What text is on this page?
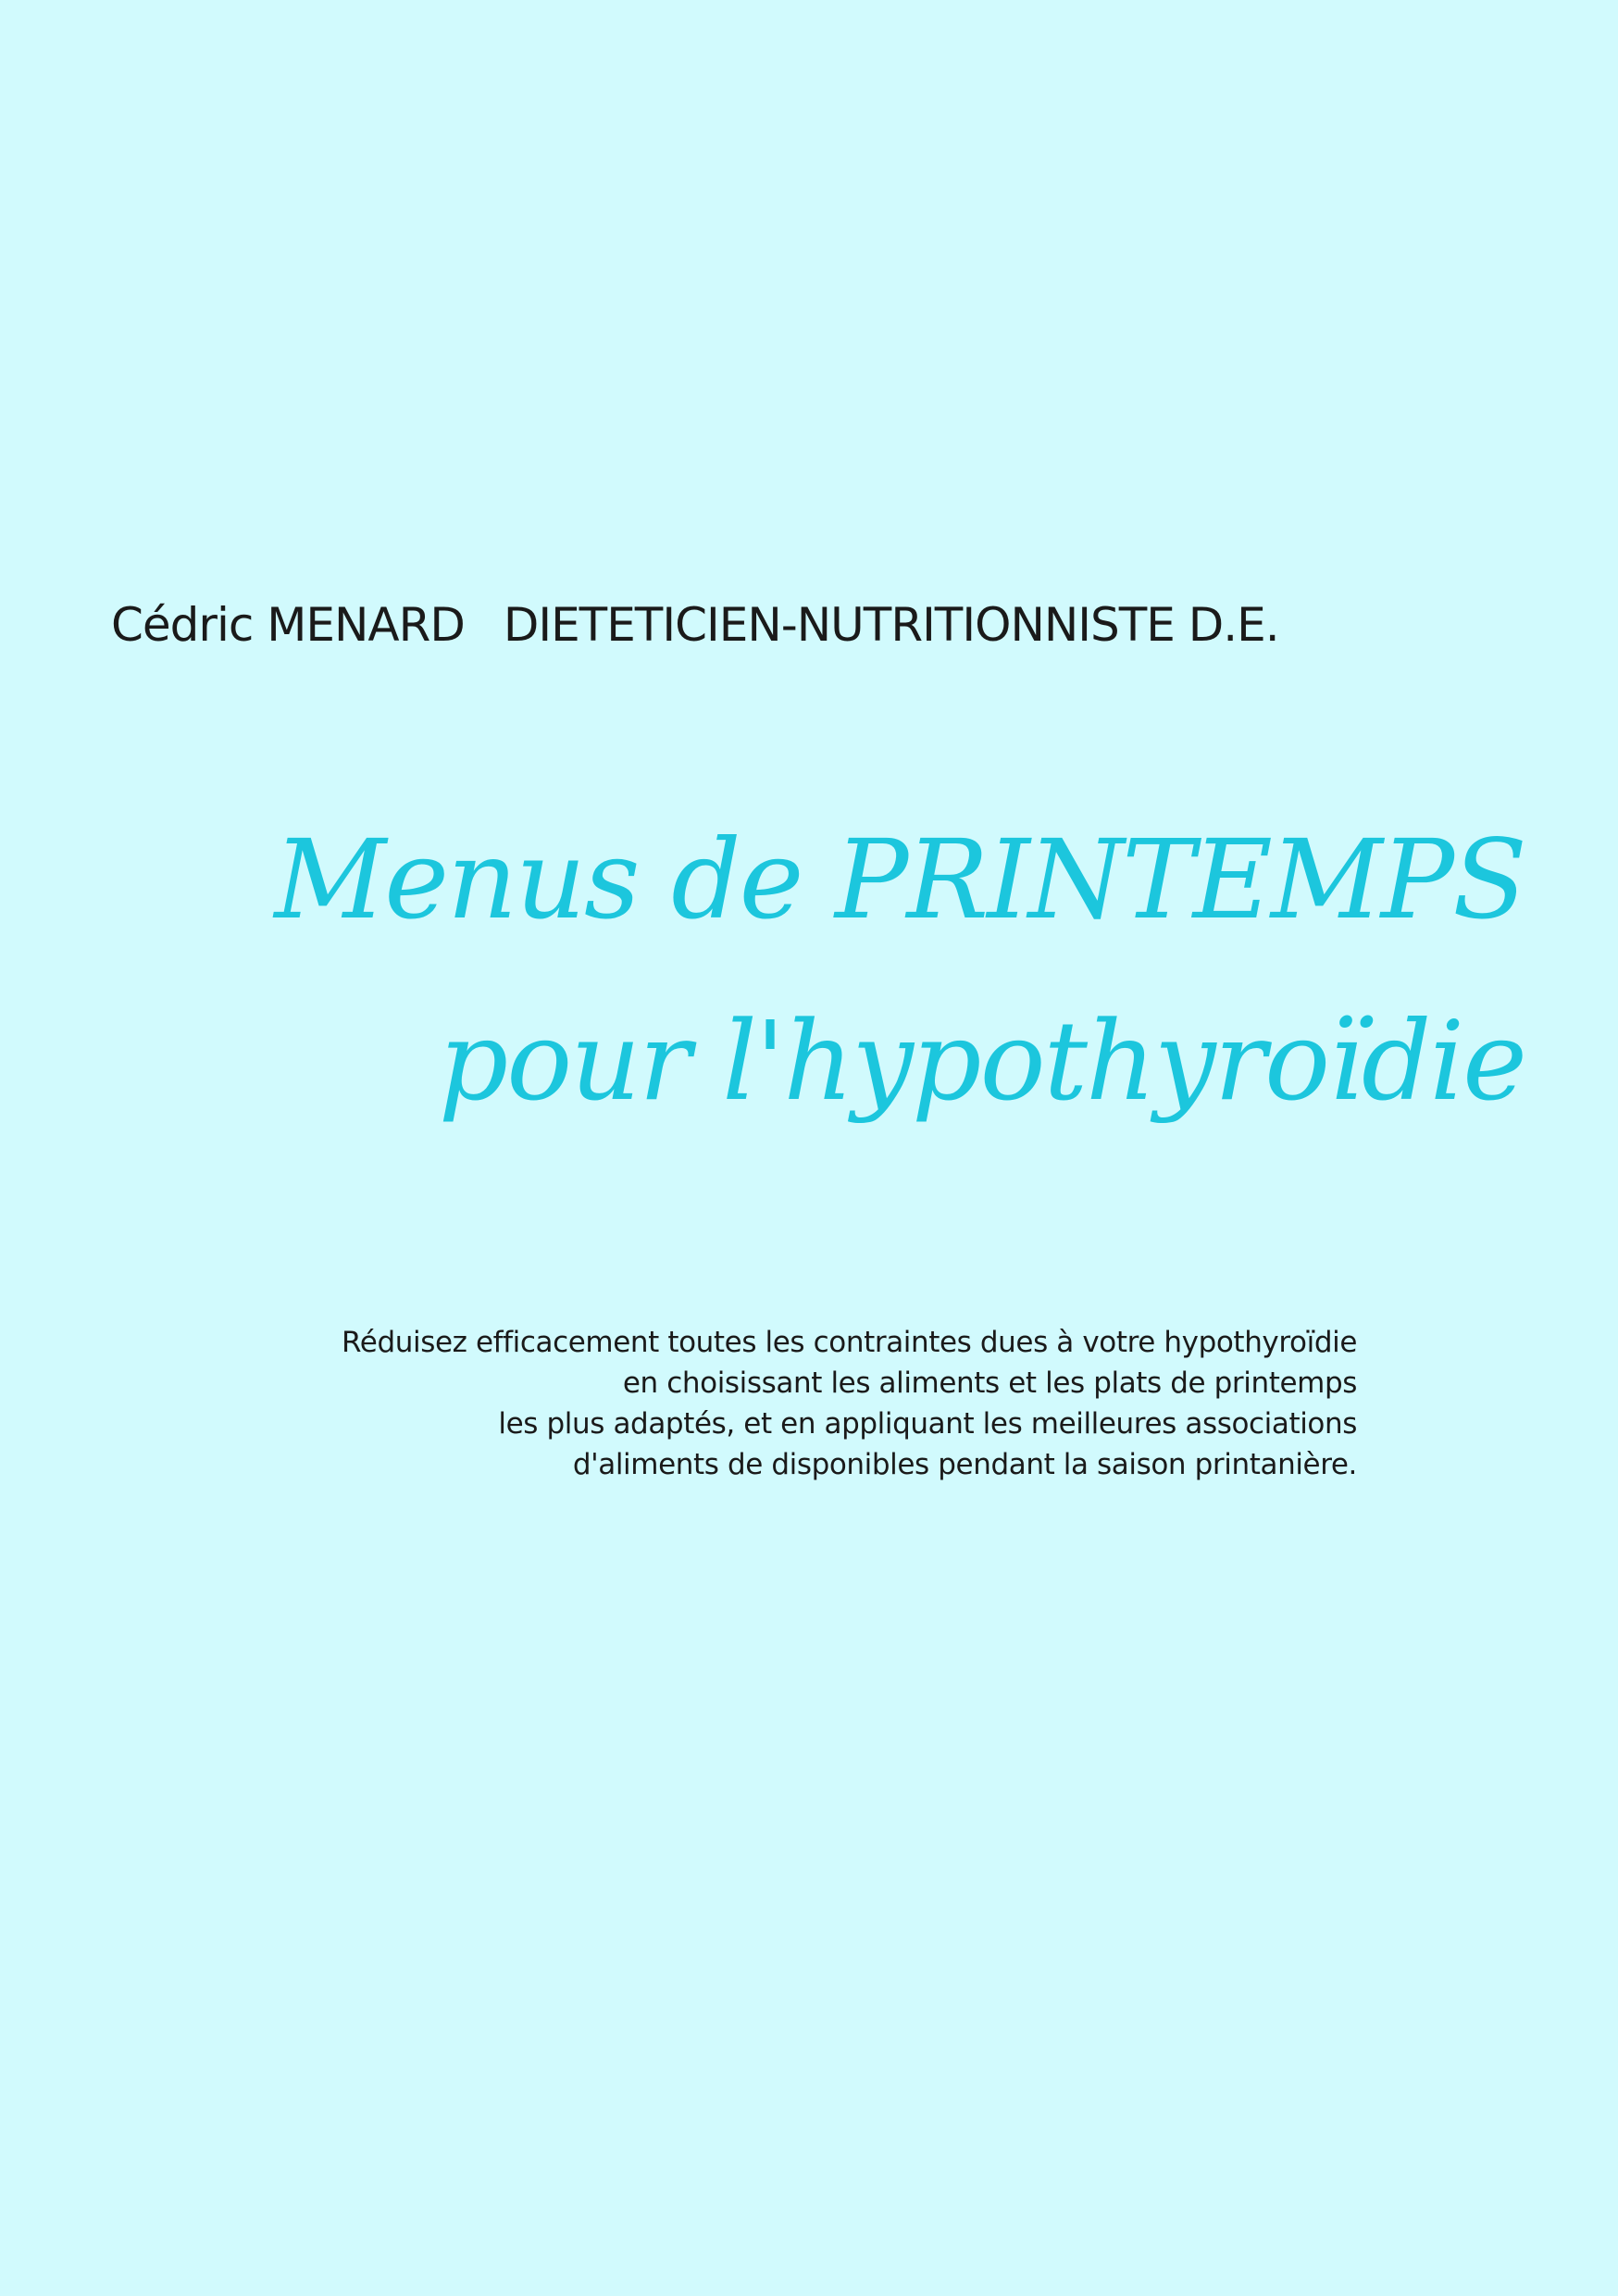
Cédric MENARD DIETETICIEN-NUTRITIONNISTE D.E.

Menus de PRINTEMPS
pour l'hypothyroïdie

Réduisez efficacement toutes les contraintes dues à votre hypothyroïdie
en choisissant les aliments et les plats de printemps
les plus adaptés, et en appliquant les meilleures associations
d'aliments de disponibles pendant la saison printanière.
